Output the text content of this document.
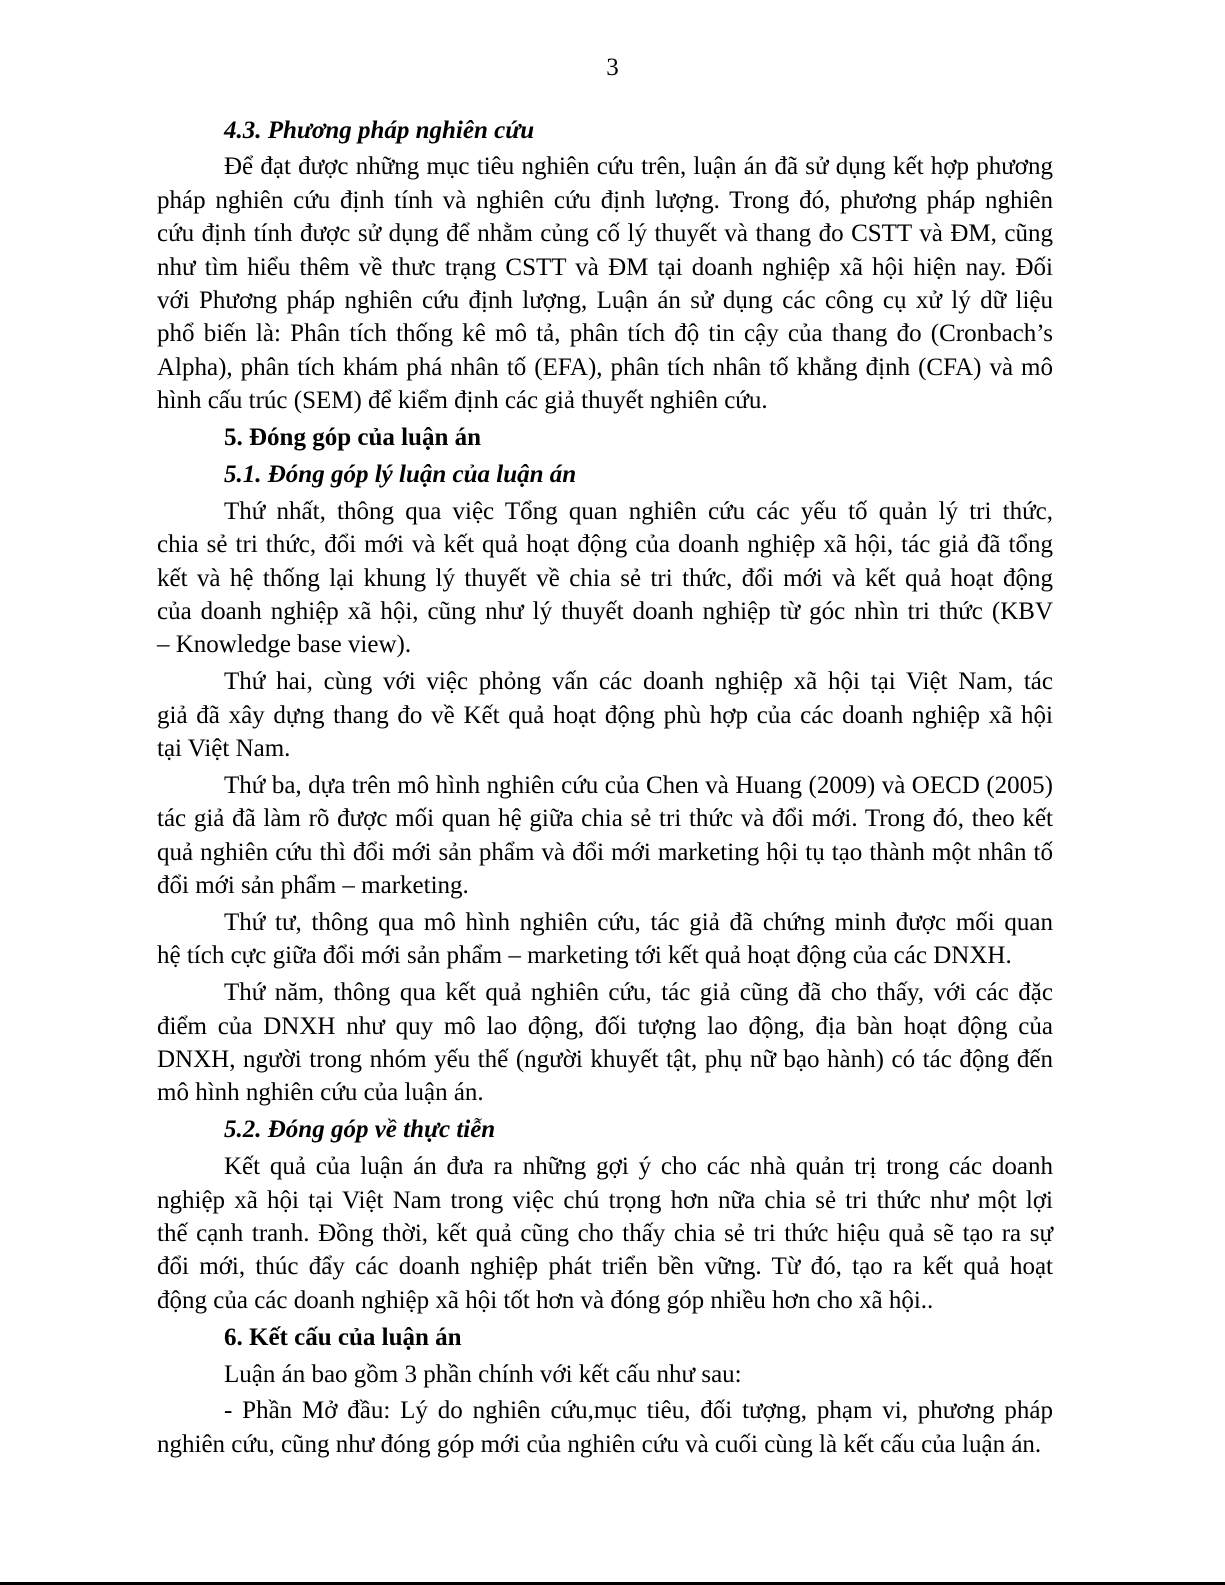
3
4.3. Phương pháp nghiên cứu
Để đạt được những mục tiêu nghiên cứu trên, luận án đã sử dụng kết hợp phương
pháp nghiên cứu định tính và nghiên cứu định lượng. Trong đó, phương pháp nghiên
cứu định tính được sử dụng để nhằm củng cố lý thuyết và thang đo CSTT và ĐM, cũng
như tìm hiểu thêm về thưc trạng CSTT và ĐM tại doanh nghiệp xã hội hiện nay. Đối
với Phương pháp nghiên cứu định lượng, Luận án sử dụng các công cụ xử lý dữ liệu
phổ biến là: Phân tích thống kê mô tả, phân tích độ tin cậy của thang đo (Cronbach’s
Alpha), phân tích khám phá nhân tố (EFA), phân tích nhân tố khẳng định (CFA) và mô
hình cấu trúc (SEM) để kiểm định các giả thuyết nghiên cứu.
5. Đóng góp của luận án
5.1. Đóng góp lý luận của luận án
Thứ nhất, thông qua việc Tổng quan nghiên cứu các yếu tố quản lý tri thức,
chia sẻ tri thức, đổi mới và kết quả hoạt động của doanh nghiệp xã hội, tác giả đã tổng
kết và hệ thống lại khung lý thuyết về chia sẻ tri thức, đổi mới và kết quả hoạt động
của doanh nghiệp xã hội, cũng như lý thuyết doanh nghiệp từ góc nhìn tri thức (KBV
– Knowledge base view).
Thứ hai, cùng với việc phỏng vấn các doanh nghiệp xã hội tại Việt Nam, tác
giả đã xây dựng thang đo về Kết quả hoạt động phù hợp của các doanh nghiệp xã hội
tại Việt Nam.
Thứ ba, dựa trên mô hình nghiên cứu của Chen và Huang (2009) và OECD (2005)
tác giả đã làm rõ được mối quan hệ giữa chia sẻ tri thức và đổi mới. Trong đó, theo kết
quả nghiên cứu thì đổi mới sản phẩm và đổi mới marketing hội tụ tạo thành một nhân tố
đổi mới sản phẩm – marketing.
Thứ tư, thông qua mô hình nghiên cứu, tác giả đã chứng minh được mối quan
hệ tích cực giữa đổi mới sản phẩm – marketing tới kết quả hoạt động của các DNXH.
Thứ năm, thông qua kết quả nghiên cứu, tác giả cũng đã cho thấy, với các đặc
điểm của DNXH như quy mô lao động, đối tượng lao động, địa bàn hoạt động của
DNXH, người trong nhóm yếu thế (người khuyết tật, phụ nữ bạo hành) có tác động đến
mô hình nghiên cứu của luận án.
5.2. Đóng góp về thực tiễn
Kết quả của luận án đưa ra những gợi ý cho các nhà quản trị trong các doanh
nghiệp xã hội tại Việt Nam trong việc chú trọng hơn nữa chia sẻ tri thức như một lợi
thế cạnh tranh. Đồng thời, kết quả cũng cho thấy chia sẻ tri thức hiệu quả sẽ tạo ra sự
đổi mới, thúc đẩy các doanh nghiệp phát triển bền vững. Từ đó, tạo ra kết quả hoạt
động của các doanh nghiệp xã hội tốt hơn và đóng góp nhiều hơn cho xã hội..
6. Kết cấu của luận án
Luận án bao gồm 3 phần chính với kết cấu như sau:
- Phần Mở đầu: Lý do nghiên cứu,mục tiêu, đối tượng, phạm vi, phương pháp
nghiên cứu, cũng như đóng góp mới của nghiên cứu và cuối cùng là kết cấu của luận án.
